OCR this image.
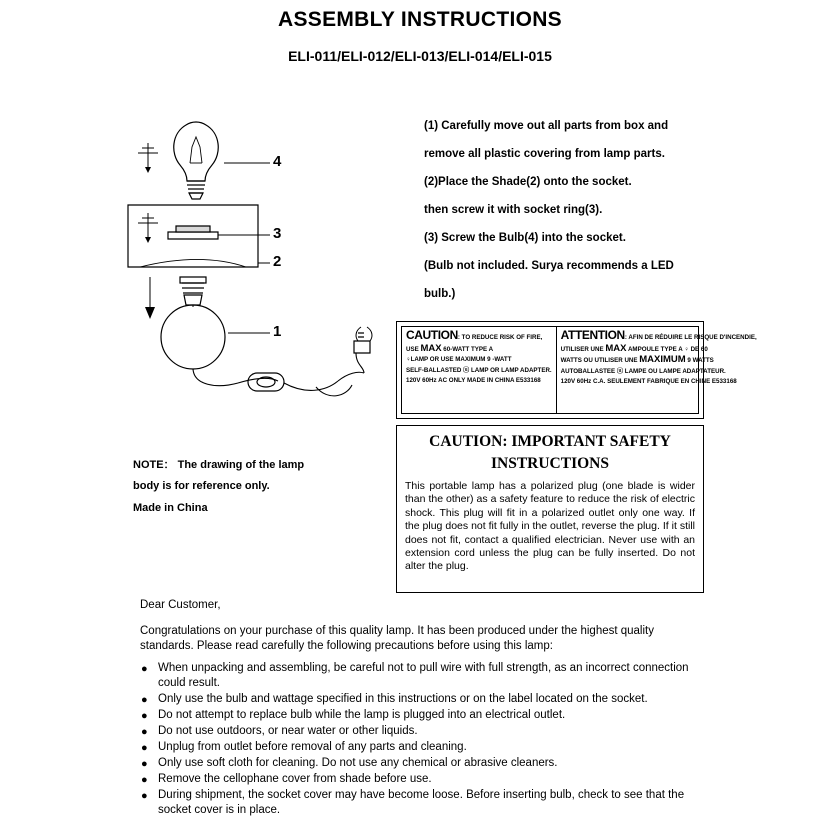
ASSEMBLY INSTRUCTIONS
ELI-011/ELI-012/ELI-013/ELI-014/ELI-015
(1) Carefully move out all parts from box and
remove all plastic covering from lamp parts.
(2)Place the Shade(2) onto the socket.
then screw it with socket ring(3).
(3) Screw the Bulb(4) into the socket.
(Bulb not included. Surya recommends a LED
bulb.)
4
3
2
1
NOTE： The drawing of the lamp
body is for reference only.
Made in China
CAUTION: TO REDUCE RISK OF FIRE,
USE MAX 60-WATT TYPE A
♀LAMP OR USE MAXIMUM 9 -WATT
SELF-BALLASTED ⓤ LAMP OR LAMP ADAPTER.
120V 60Hz AC ONLY MADE IN CHINA E533168
ATTENTION: AFIN DE RÉDUIRE LE RISQUE D'INCENDIE,
UTILISER UNE MAX AMPOULE TYPE A ♀ DE 60
WATTS OU UTILISER UNE MAXIMUM 9 WATTS
AUTOBALLASTEE ⓤ LAMPE OU LAMPE ADAPTATEUR.
120V 60Hz C.A. SEULEMENT FABRIQUE EN CHINE E533168
CAUTION: IMPORTANT SAFETY
INSTRUCTIONS
This portable lamp has a polarized plug (one blade is wider than the other) as a safety feature to reduce the risk of electric shock. This plug will fit in a polarized outlet only one way. If the plug does not fit fully in the outlet, reverse the plug. If it still does not fit, contact a qualified electrician. Never use with an extension cord unless the plug can be fully inserted. Do not alter the plug.
Dear Customer,
Congratulations on your purchase of this quality lamp. It has been produced under the highest quality standards. Please read carefully the following precautions before using this lamp:
● When unpacking and assembling, be careful not to pull wire with full strength, as an incorrect connection could result.
● Only use the bulb and wattage specified in this instructions or on the label located on the socket.
● Do not attempt to replace bulb while the lamp is plugged into an electrical outlet.
● Do not use outdoors, or near water or other liquids.
● Unplug from outlet before removal of any parts and cleaning.
● Only use soft cloth for cleaning. Do not use any chemical or abrasive cleaners.
● Remove the cellophane cover from shade before use.
● During shipment, the socket cover may have become loose. Before inserting bulb, check to see that the socket cover is in place.
